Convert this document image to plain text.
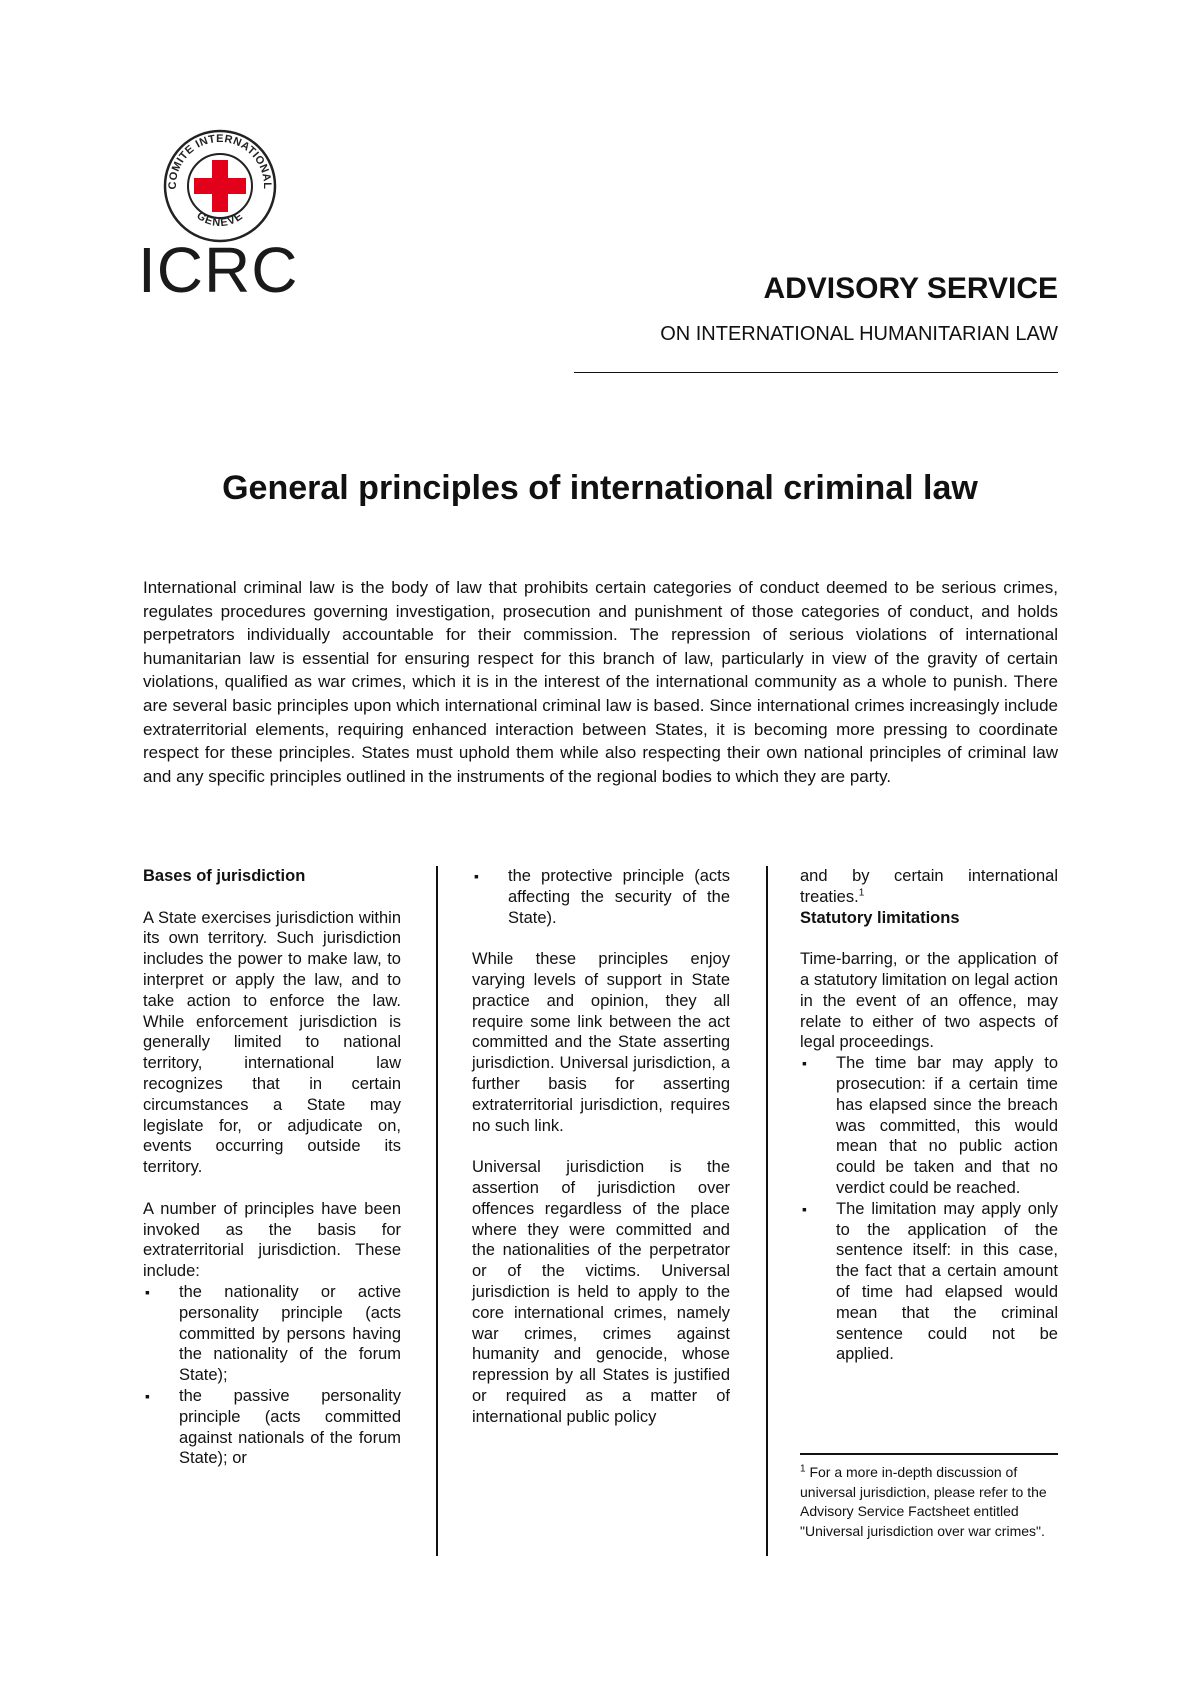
COMITE INTERNATIONAL
GENEVE
ICRC	ADVISORY SERVICE
ON INTERNATIONAL HUMANITARIAN LAW
General principles of international criminal law

International criminal law is the body of law that prohibits certain categories of conduct deemed to be serious crimes, regulates procedures governing investigation, prosecution and punishment of those categories of conduct, and holds perpetrators individually accountable for their commission. The repression of serious violations of international humanitarian law is essential for ensuring respect for this branch of law, particularly in view of the gravity of certain violations, qualified as war crimes, which it is in the interest of the international community as a whole to punish. There are several basic principles upon which international criminal law is based. Since international crimes increasingly include extraterritorial elements, requiring enhanced interaction between States, it is becoming more pressing to coordinate respect for these principles. States must uphold them while also respecting their own national principles of criminal law and any specific principles outlined in the instruments of the regional bodies to which they are party.

Bases of jurisdiction

A State exercises jurisdiction within its own territory. Such jurisdiction includes the power to make law, to interpret or apply the law, and to take action to enforce the law. While enforcement jurisdiction is generally limited to national territory, international law recognizes that in certain circumstances a State may legislate for, or adjudicate on, events occurring outside its territory.

A number of principles have been invoked as the basis for extraterritorial jurisdiction. These include:

▪ the nationality or active personality principle (acts committed by persons having the nationality of the forum State);
▪ the passive personality principle (acts committed against nationals of the forum State); or
▪ the protective principle (acts affecting the security of the State).

While these principles enjoy varying levels of support in State practice and opinion, they all require some link between the act committed and the State asserting jurisdiction. Universal jurisdiction, a further basis for asserting extraterritorial jurisdiction, requires no such link.

Universal jurisdiction is the assertion of jurisdiction over offences regardless of the place where they were committed and the nationalities of the perpetrator or of the victims. Universal jurisdiction is held to apply to the core international crimes, namely war crimes, crimes against humanity and genocide, whose repression by all States is justified or required as a matter of international public policy

and by certain international treaties.$^1$

Statutory limitations

Time-barring, or the application of a statutory limitation on legal action in the event of an offence, may relate to either of two aspects of legal proceedings.

▪ The time bar may apply to prosecution: if a certain time has elapsed since the breach was committed, this would mean that no public action could be taken and that no verdict could be reached.
▪ The limitation may apply only to the application of the sentence itself: in this case, the fact that a certain amount of time had elapsed would mean that the criminal sentence could not be applied.

$^1$ For a more in-depth discussion of universal jurisdiction, please refer to the Advisory Service Factsheet entitled "Universal jurisdiction over war crimes".
